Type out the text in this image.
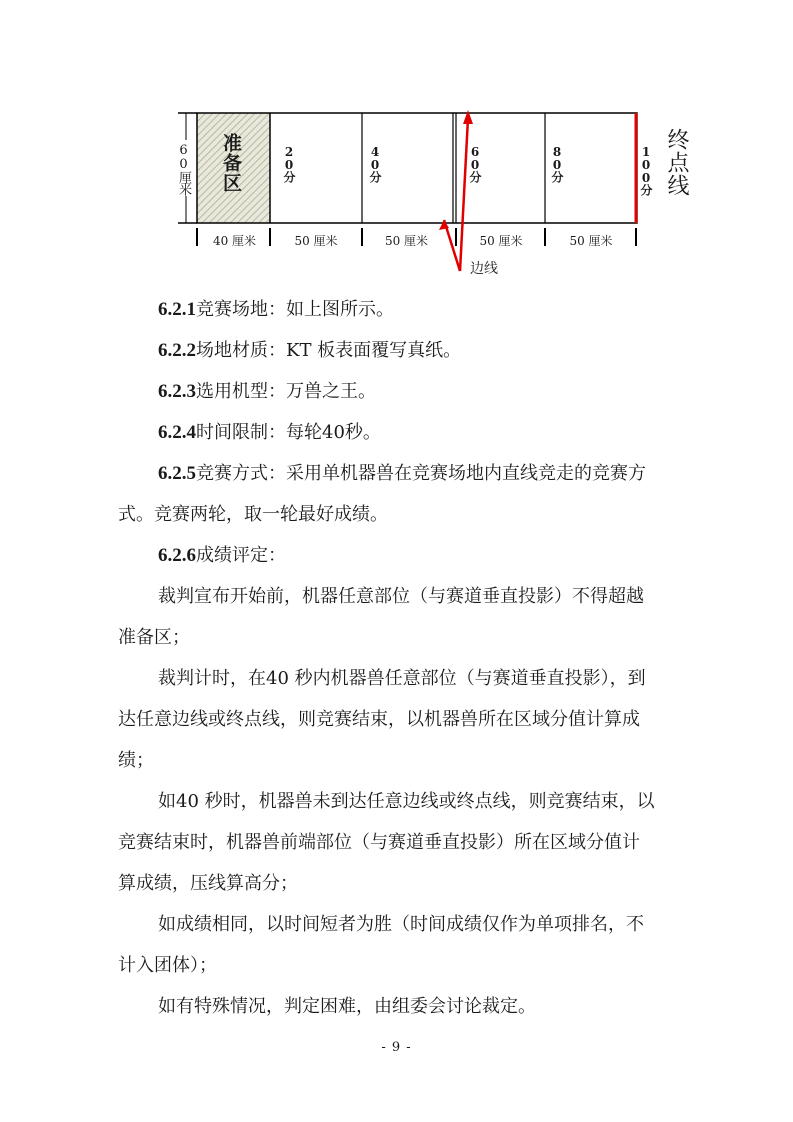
60厘米 准备区	20分	40分	60分	80分	100分 终点线
40 厘米	50 厘米	50 厘米	50 厘米	50 厘米
边线

6.2.1竞赛场地：如上图所示。

6.2.2场地材质：KT 板表面覆写真纸。

6.2.3选用机型：万兽之王。

6.2.4时间限制：每轮40秒。

6.2.5竞赛方式：采用单机器兽在竞赛场地内直线竞走的竞赛方

式。竞赛两轮，取一轮最好成绩。

6.2.6成绩评定：

裁判宣布开始前，机器任意部位（与赛道垂直投影）不得超越

准备区；

裁判计时，在40 秒内机器兽任意部位（与赛道垂直投影），到

达任意边线或终点线，则竞赛结束，以机器兽所在区域分值计算成

绩；

如40 秒时，机器兽未到达任意边线或终点线，则竞赛结束，以

竞赛结束时，机器兽前端部位（与赛道垂直投影）所在区域分值计

算成绩，压线算高分；

如成绩相同，以时间短者为胜（时间成绩仅作为单项排名，不

计入团体）；

如有特殊情况，判定困难，由组委会讨论裁定。

- 9 -
